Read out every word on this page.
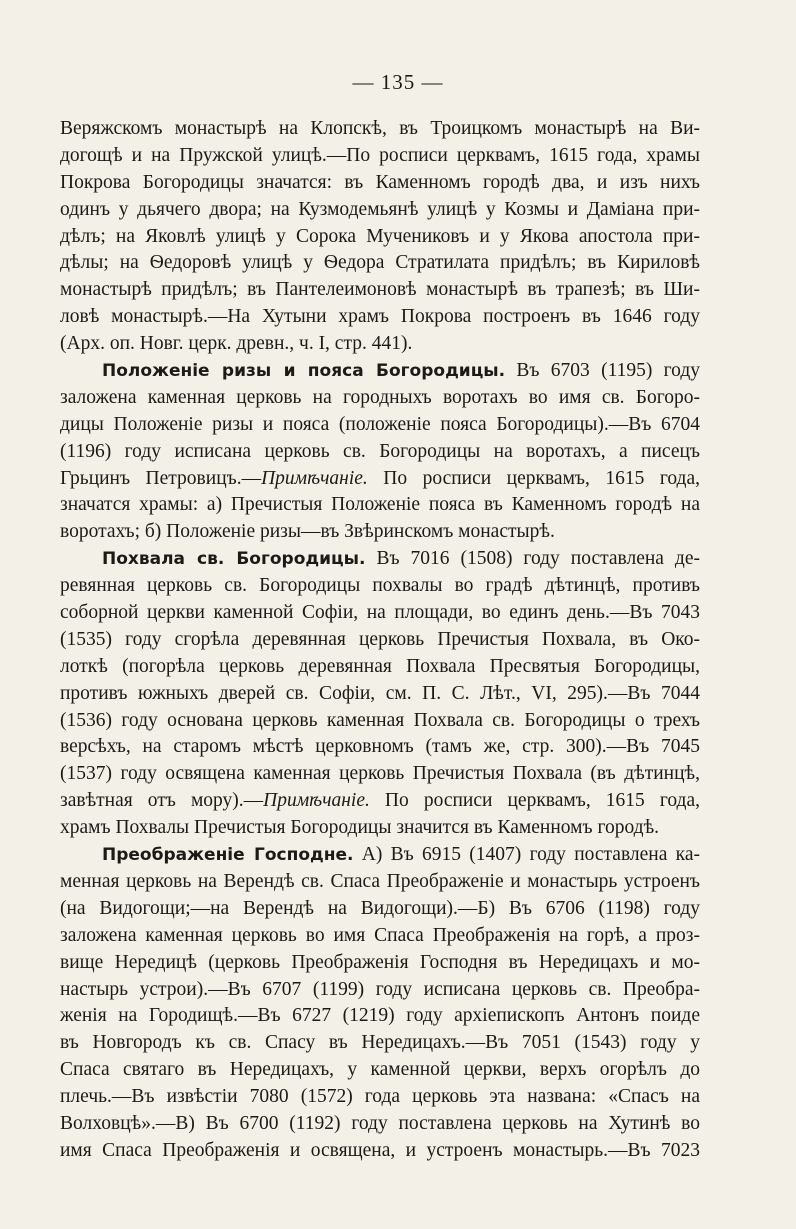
— 135 —
Веряжскомъ монастырѣ на Клопскѣ, въ Троицкомъ монастырѣ на Ви-
догощѣ и на Пружской улицѣ.—По росписи церквамъ, 1615 года, храмы
Покрова Богородицы значатся: въ Каменномъ городѣ два, и изъ нихъ
одинъ у дьячего двора; на Кузмодемьянѣ улицѣ у Козмы и Даміана при-
дѣлъ; на Яковлѣ улицѣ у Сорока Мучениковъ и у Якова апостола при-
дѣлы; на Ѳедоровѣ улицѣ у Ѳедора Стратилата придѣлъ; въ Кириловѣ
монастырѣ придѣлъ; въ Пантелеимоновѣ монастырѣ въ трапезѣ; въ Ши-
ловѣ монастырѣ.—На Хутыни храмъ Покрова построенъ въ 1646 году
(Арх. оп. Новг. церк. древн., ч. I, стр. 441).
Положеніе ризы и пояса Богородицы. Въ 6703 (1195) году
заложена каменная церковь на городныхъ воротахъ во имя св. Богоро-
дицы Положеніе ризы и пояса (положеніе пояса Богородицы).—Въ 6704
(1196) году исписана церковь св. Богородицы на воротахъ, а писецъ
Грьцинъ Петровицъ.—Примѣчаніе. По росписи церквамъ, 1615 года,
значатся храмы: а) Пречистыя Положеніе пояса въ Каменномъ городѣ на
воротахъ; б) Положеніе ризы—въ Звѣринскомъ монастырѣ.
Похвала св. Богородицы. Въ 7016 (1508) году поставлена де-
ревянная церковь св. Богородицы похвалы во градѣ дѣтинцѣ, противъ
соборной церкви каменной Софіи, на площади, во единъ день.—Въ 7043
(1535) году сгорѣла деревянная церковь Пречистыя Похвала, въ Око-
лоткѣ (погорѣла церковь деревянная Похвала Пресвятыя Богородицы,
противъ южныхъ дверей св. Софіи, см. П. С. Лѣт., VI, 295).—Въ 7044
(1536) году основана церковь каменная Похвала св. Богородицы о трехъ
версѣхъ, на старомъ мѣстѣ церковномъ (тамъ же, стр. 300).—Въ 7045
(1537) году освящена каменная церковь Пречистыя Похвала (въ дѣтинцѣ,
завѣтная отъ мору).—Примѣчаніе. По росписи церквамъ, 1615 года,
храмъ Похвалы Пречистыя Богородицы значится въ Каменномъ городѣ.
Преображеніе Господне. А) Въ 6915 (1407) году поставлена ка-
менная церковь на Верендѣ св. Спаса Преображеніе и монастырь устроенъ
(на Видогощи;—на Верендѣ на Видогощи).—Б) Въ 6706 (1198) году
заложена каменная церковь во имя Спаса Преображенія на горѣ, а проз-
вище Нередицѣ (церковь Преображенія Господня въ Нередицахъ и мо-
настырь устрои).—Въ 6707 (1199) году исписана церковь св. Преобра-
женія на Городищѣ.—Въ 6727 (1219) году архіепископъ Антонъ поиде
въ Новгородъ къ св. Спасу въ Нередицахъ.—Въ 7051 (1543) году у
Спаса святаго въ Нередицахъ, у каменной церкви, верхъ огорѣлъ до
плечь.—Въ извѣстіи 7080 (1572) года церковь эта названа: «Спасъ на
Волховцѣ».—В) Въ 6700 (1192) году поставлена церковь на Хутинѣ во
имя Спаса Преображенія и освящена, и устроенъ монастырь.—Въ 7023
